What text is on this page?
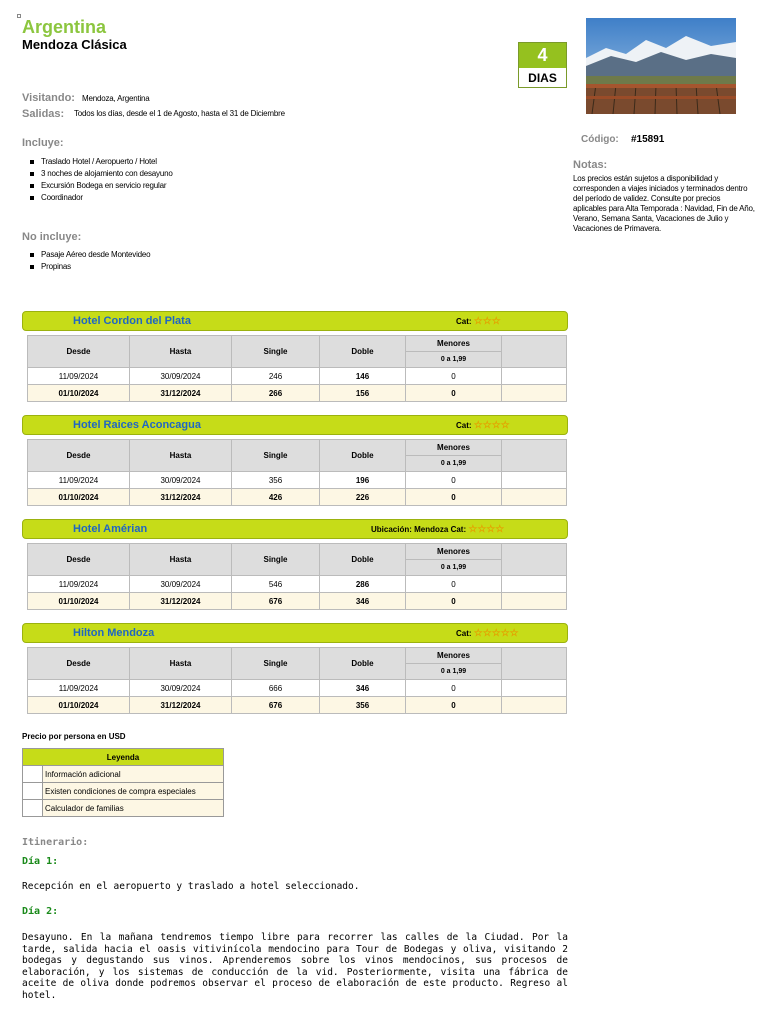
Argentina
Mendoza Clásica
4
DIAS
Visitando: Mendoza, Argentina
Salidas: Todos los días, desde el 1 de Agosto, hasta el 31 de Diciembre
Código: #15891
Notas:
Los precios están sujetos a disponibilidad y corresponden a viajes iniciados y terminados dentro del período de validez. Consulte por precios aplicables para Alta Temporada : Navidad, Fin de Año, Verano, Semana Santa, Vacaciones de Julio y Vacaciones de Primavera.
Incluye:
Traslado Hotel / Aeropuerto / Hotel
3 noches de alojamiento con desayuno
Excursión Bodega en servicio regular
Coordinador
No incluye:
Pasaje Aéreo desde Montevideo
Propinas
Hotel Cordon del Plata	Cat: ☆☆☆
Desde	Hasta	Single	Doble	Menores	
				0 a 1,99	
11/09/2024	30/09/2024	246	146	0	
01/10/2024	31/12/2024	266	156	0	
Hotel Raices Aconcagua	Cat: ☆☆☆☆
Desde	Hasta	Single	Doble	Menores	
				0 a 1,99	
11/09/2024	30/09/2024	356	196	0	
01/10/2024	31/12/2024	426	226	0	
Hotel Amérian	Ubicación: Mendoza Cat: ☆☆☆☆
Desde	Hasta	Single	Doble	Menores	
				0 a 1,99	
11/09/2024	30/09/2024	546	286	0	
01/10/2024	31/12/2024	676	346	0	
Hilton Mendoza	Cat: ☆☆☆☆☆
Desde	Hasta	Single	Doble	Menores	
				0 a 1,99	
11/09/2024	30/09/2024	666	346	0	
01/10/2024	31/12/2024	676	356	0	
Precio por persona en USD
Leyenda	
	Información adicional
	Existen condiciones de compra especiales
	Calculador de familias
Itinerario:
Día 1:
Recepción en el aeropuerto y traslado a hotel seleccionado.
Día 2:
Desayuno. En la mañana tendremos tiempo libre para recorrer las calles de la Ciudad. Por la tarde, salida hacia el oasis vitivinícola mendocino para Tour de Bodegas y oliva, visitando 2 bodegas y degustando sus vinos. Aprenderemos sobre los vinos mendocinos, sus procesos de elaboración, y los sistemas de conducción de la vid. Posteriormente, visita una fábrica de aceite de oliva donde podremos observar el proceso de elaboración de este producto. Regreso al hotel.
